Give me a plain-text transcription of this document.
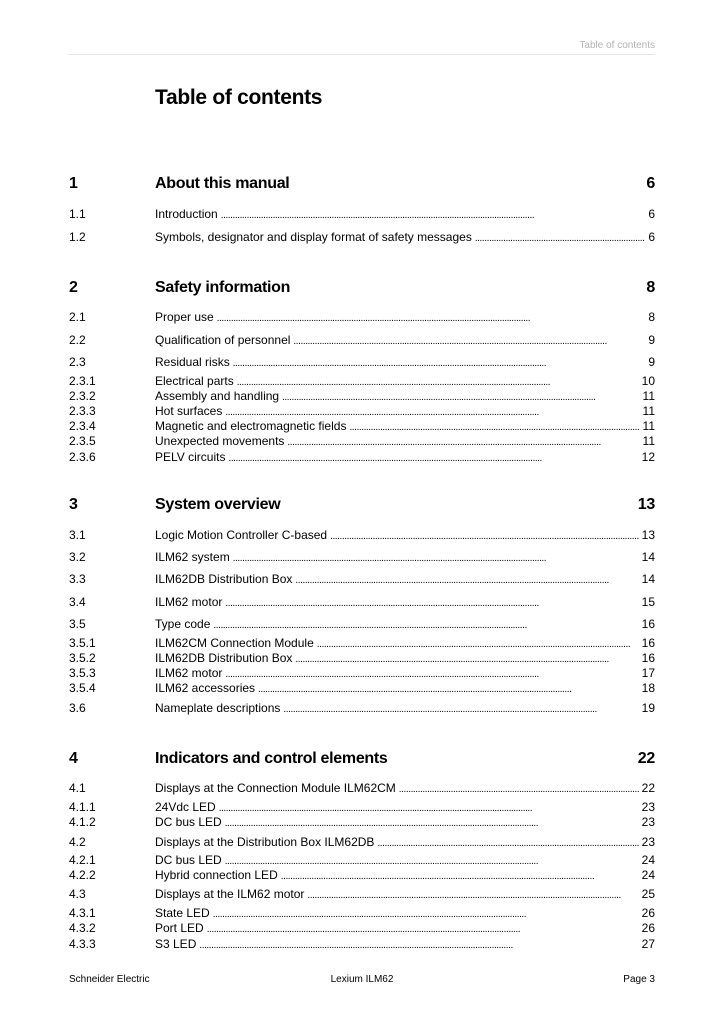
Table of contents
Table of contents
1	About this manual	6
1.1	Introduction . . .	6
1.2	Symbols, designator and display format of safety messages . . .	6
2	Safety information	8
2.1	Proper use . . .	8
2.2	Qualification of personnel . . .	9
2.3	Residual risks . . .	9
2.3.1	Electrical parts . . .	10
2.3.2	Assembly and handling . . .	11
2.3.3	Hot surfaces . . .	11
2.3.4	Magnetic and electromagnetic fields . . .	11
2.3.5	Unexpected movements . . .	11
2.3.6	PELV circuits . . .	12
3	System overview	13
3.1	Logic Motion Controller C-based . . .	13
3.2	ILM62 system . . .	14
3.3	ILM62DB Distribution Box . . .	14
3.4	ILM62 motor . . .	15
3.5	Type code . . .	16
3.5.1	ILM62CM Connection Module . . .	16
3.5.2	ILM62DB Distribution Box . . .	16
3.5.3	ILM62 motor . . .	17
3.5.4	ILM62 accessories . . .	18
3.6	Nameplate descriptions . . .	19
4	Indicators and control elements	22
4.1	Displays at the Connection Module ILM62CM . . .	22
4.1.1	24Vdc LED . . .	23
4.1.2	DC bus LED . . .	23
4.2	Displays at the Distribution Box ILM62DB . . .	23
4.2.1	DC bus LED . . .	24
4.2.2	Hybrid connection LED . . .	24
4.3	Displays at the ILM62 motor . . .	25
4.3.1	State LED . . .	26
4.3.2	Port LED . . .	26
4.3.3	S3 LED . . .	27
Schneider Electric	Lexium ILM62	Page 3
